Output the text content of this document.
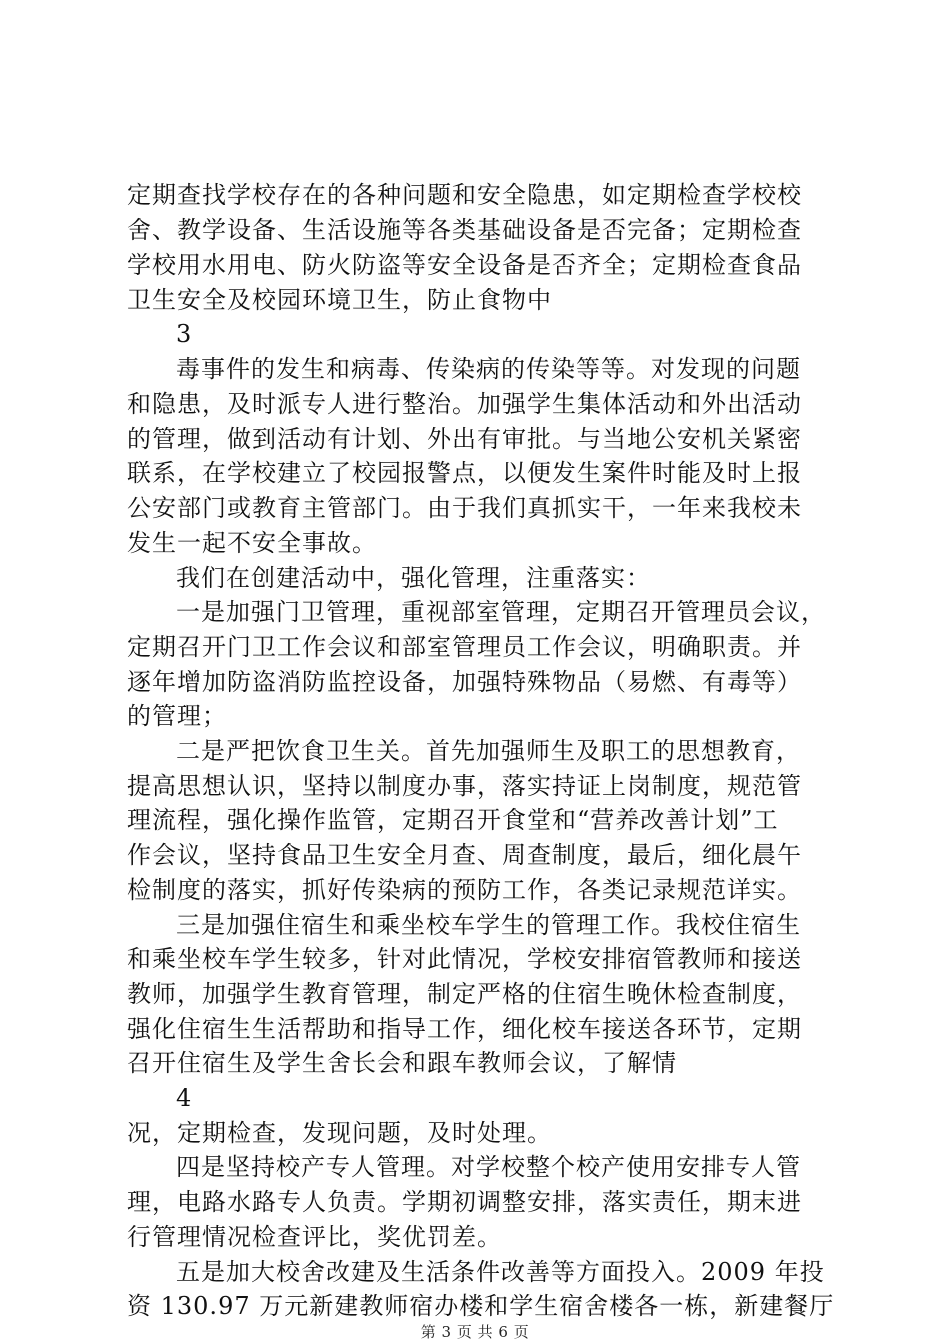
定期查找学校存在的各种问题和安全隐患，如定期检查学校校
舍、教学设备、生活设施等各类基础设备是否完备；定期检查
学校用水用电、防火防盗等安全设备是否齐全；定期检查食品
卫生安全及校园环境卫生，防止食物中
3
毒事件的发生和病毒、传染病的传染等等。对发现的问题
和隐患，及时派专人进行整治。加强学生集体活动和外出活动
的管理，做到活动有计划、外出有审批。与当地公安机关紧密
联系，在学校建立了校园报警点，以便发生案件时能及时上报
公安部门或教育主管部门。由于我们真抓实干，一年来我校未
发生一起不安全事故。
我们在创建活动中，强化管理，注重落实：
一是加强门卫管理，重视部室管理，定期召开管理员会议，
定期召开门卫工作会议和部室管理员工作会议，明确职责。并
逐年增加防盗消防监控设备，加强特殊物品（易燃、有毒等）
的管理；
二是严把饮食卫生关。首先加强师生及职工的思想教育，
提高思想认识，坚持以制度办事，落实持证上岗制度，规范管
理流程，强化操作监管，定期召开食堂和“营养改善计划”工
作会议，坚持食品卫生安全月查、周查制度，最后，细化晨午
检制度的落实，抓好传染病的预防工作，各类记录规范详实。
三是加强住宿生和乘坐校车学生的管理工作。我校住宿生
和乘坐校车学生较多，针对此情况，学校安排宿管教师和接送
教师，加强学生教育管理，制定严格的住宿生晚休检查制度，
强化住宿生生活帮助和指导工作，细化校车接送各环节，定期
召开住宿生及学生舍长会和跟车教师会议，了解情
4
况，定期检查，发现问题，及时处理。
四是坚持校产专人管理。对学校整个校产使用安排专人管
理，电路水路专人负责。学期初调整安排，落实责任，期末进
行管理情况检查评比，奖优罚差。
五是加大校舍改建及生活条件改善等方面投入。2009 年投
资 130.97 万元新建教师宿办楼和学生宿舍楼各一栋，新建餐厅
第 3 页 共 6 页
